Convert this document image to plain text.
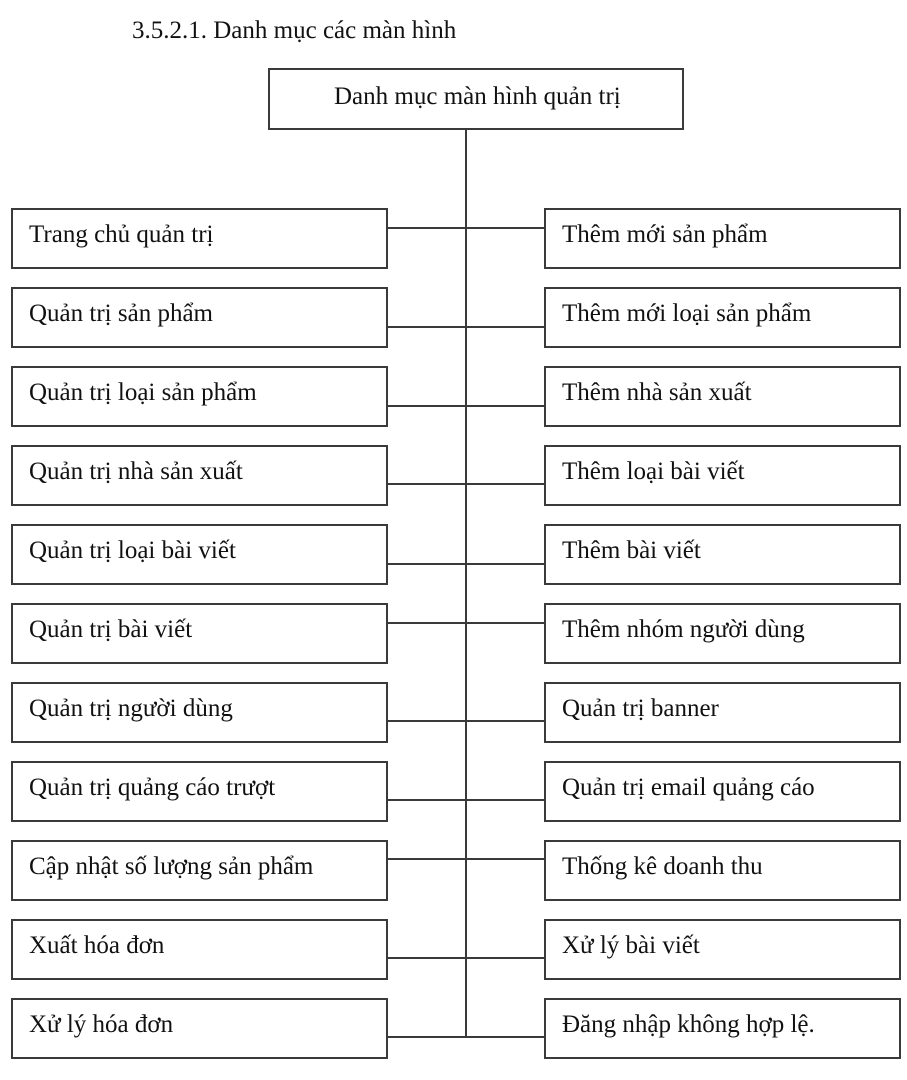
3.5.2.1. Danh mục các màn hình
Danh mục màn hình quản trị
Trang chủ quản trị
Quản trị sản phẩm
Quản trị loại sản phẩm
Quản trị nhà sản xuất
Quản trị loại bài viết
Quản trị bài viết
Quản trị người dùng
Quản trị quảng cáo trượt
Cập nhật số lượng sản phẩm
Xuất hóa đơn
Xử lý hóa đơn
Thêm mới sản phẩm
Thêm mới loại sản phẩm
Thêm nhà sản xuất
Thêm loại bài viết
Thêm bài viết
Thêm nhóm người dùng
Quản trị banner
Quản trị email quảng cáo
Thống kê doanh thu
Xử lý bài viết
Đăng nhập không hợp lệ.
